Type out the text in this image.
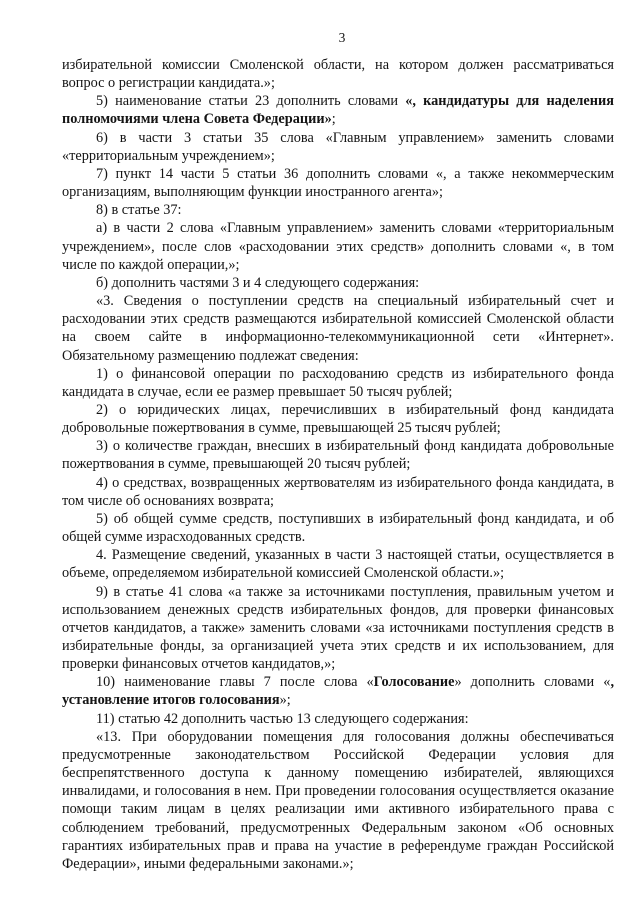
3

избирательной комиссии Смоленской области, на котором должен рассматриваться вопрос о регистрации кандидата.»;

5) наименование статьи 23 дополнить словами «, кандидатуры для наделения полномочиями члена Совета Федерации»;

6) в части 3 статьи 35 слова «Главным управлением» заменить словами «территориальным учреждением»;

7) пункт 14 части 5 статьи 36 дополнить словами «, а также некоммерческим организациям, выполняющим функции иностранного агента»;

8) в статье 37:

а) в части 2 слова «Главным управлением» заменить словами «территориальным учреждением», после слов «расходовании этих средств» дополнить словами «, в том числе по каждой операции,»;

б) дополнить частями 3 и 4 следующего содержания:

«3. Сведения о поступлении средств на специальный избирательный счет и расходовании этих средств размещаются избирательной комиссией Смоленской области на своем сайте в информационно-телекоммуникационной сети «Интернет». Обязательному размещению подлежат сведения:

1) о финансовой операции по расходованию средств из избирательного фонда кандидата в случае, если ее размер превышает 50 тысяч рублей;

2) о юридических лицах, перечисливших в избирательный фонд кандидата добровольные пожертвования в сумме, превышающей 25 тысяч рублей;

3) о количестве граждан, внесших в избирательный фонд кандидата добровольные пожертвования в сумме, превышающей 20 тысяч рублей;

4) о средствах, возвращенных жертвователям из избирательного фонда кандидата, в том числе об основаниях возврата;

5) об общей сумме средств, поступивших в избирательный фонд кандидата, и об общей сумме израсходованных средств.

4. Размещение сведений, указанных в части 3 настоящей статьи, осуществляется в объеме, определяемом избирательной комиссией Смоленской области.»;

9) в статье 41 слова «а также за источниками поступления, правильным учетом и использованием денежных средств избирательных фондов, для проверки финансовых отчетов кандидатов, а также» заменить словами «за источниками поступления средств в избирательные фонды, за организацией учета этих средств и их использованием, для проверки финансовых отчетов кандидатов,»;

10) наименование главы 7 после слова «Голосование» дополнить словами «, установление итогов голосования»;

11) статью 42 дополнить частью 13 следующего содержания:

«13. При оборудовании помещения для голосования должны обеспечиваться предусмотренные законодательством Российской Федерации условия для беспрепятственного доступа к данному помещению избирателей, являющихся инвалидами, и голосования в нем. При проведении голосования осуществляется оказание помощи таким лицам в целях реализации ими активного избирательного права с соблюдением требований, предусмотренных Федеральным законом «Об основных гарантиях избирательных прав и права на участие в референдуме граждан Российской Федерации», иными федеральными законами.»;
